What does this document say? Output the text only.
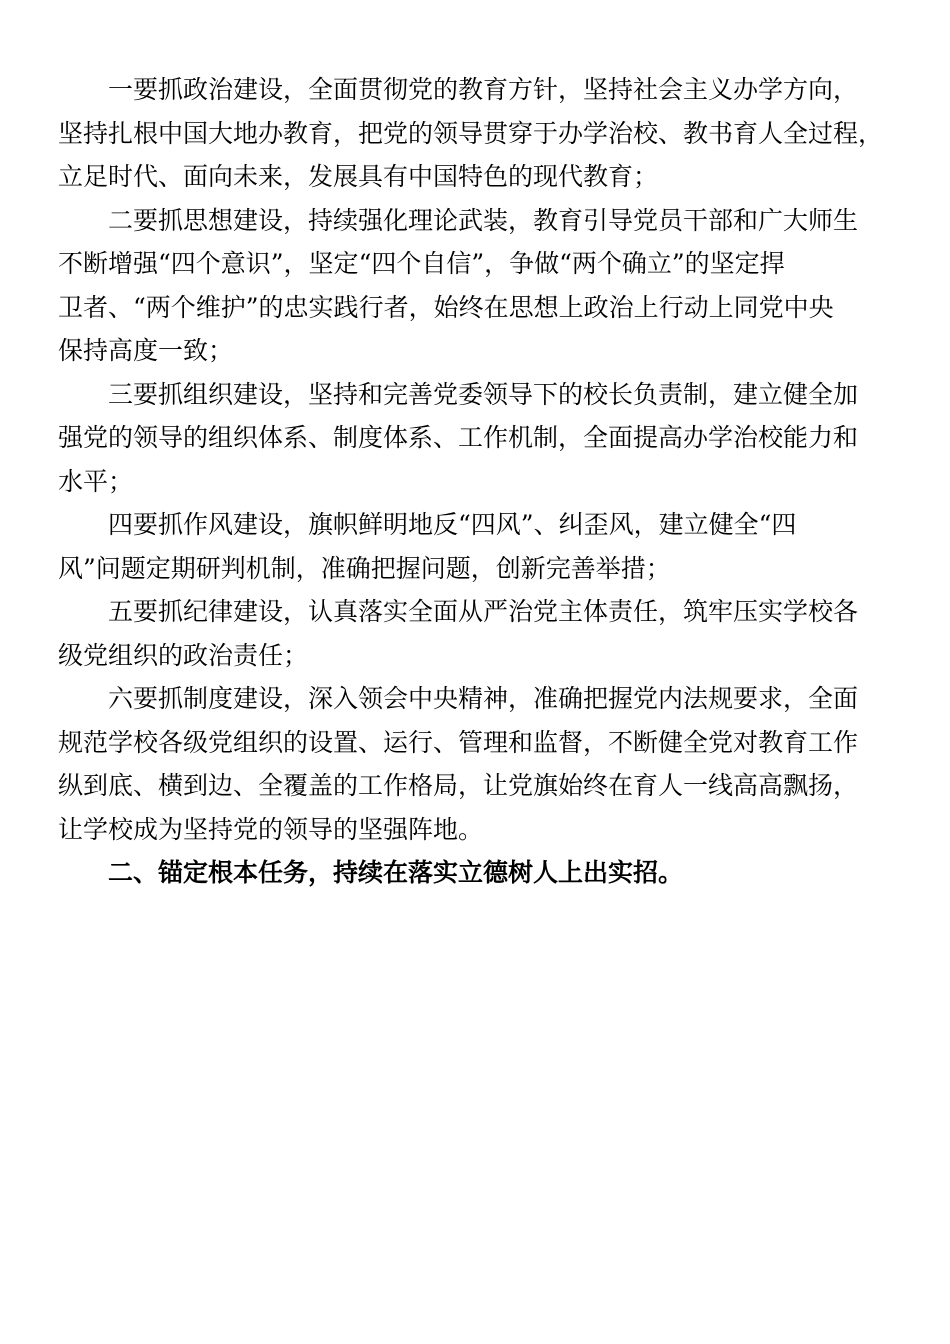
一要抓政治建设，全面贯彻党的教育方针，坚持社会主义办学方向，
坚持扎根中国大地办教育，把党的领导贯穿于办学治校、教书育人全过程，
立足时代、面向未来，发展具有中国特色的现代教育；

二要抓思想建设，持续强化理论武装，教育引导党员干部和广大师生
不断增强“四个意识”，坚定“四个自信”，争做“两个确立”的坚定捍
卫者、“两个维护”的忠实践行者，始终在思想上政治上行动上同党中央
保持高度一致；

三要抓组织建设，坚持和完善党委领导下的校长负责制，建立健全加
强党的领导的组织体系、制度体系、工作机制，全面提高办学治校能力和
水平；

四要抓作风建设，旗帜鲜明地反“四风”、纠歪风，建立健全“四
风”问题定期研判机制，准确把握问题，创新完善举措；

五要抓纪律建设，认真落实全面从严治党主体责任，筑牢压实学校各
级党组织的政治责任；

六要抓制度建设，深入领会中央精神，准确把握党内法规要求，全面
规范学校各级党组织的设置、运行、管理和监督，不断健全党对教育工作
纵到底、横到边、全覆盖的工作格局，让党旗始终在育人一线高高飘扬，
让学校成为坚持党的领导的坚强阵地。

二、锚定根本任务，持续在落实立德树人上出实招。
